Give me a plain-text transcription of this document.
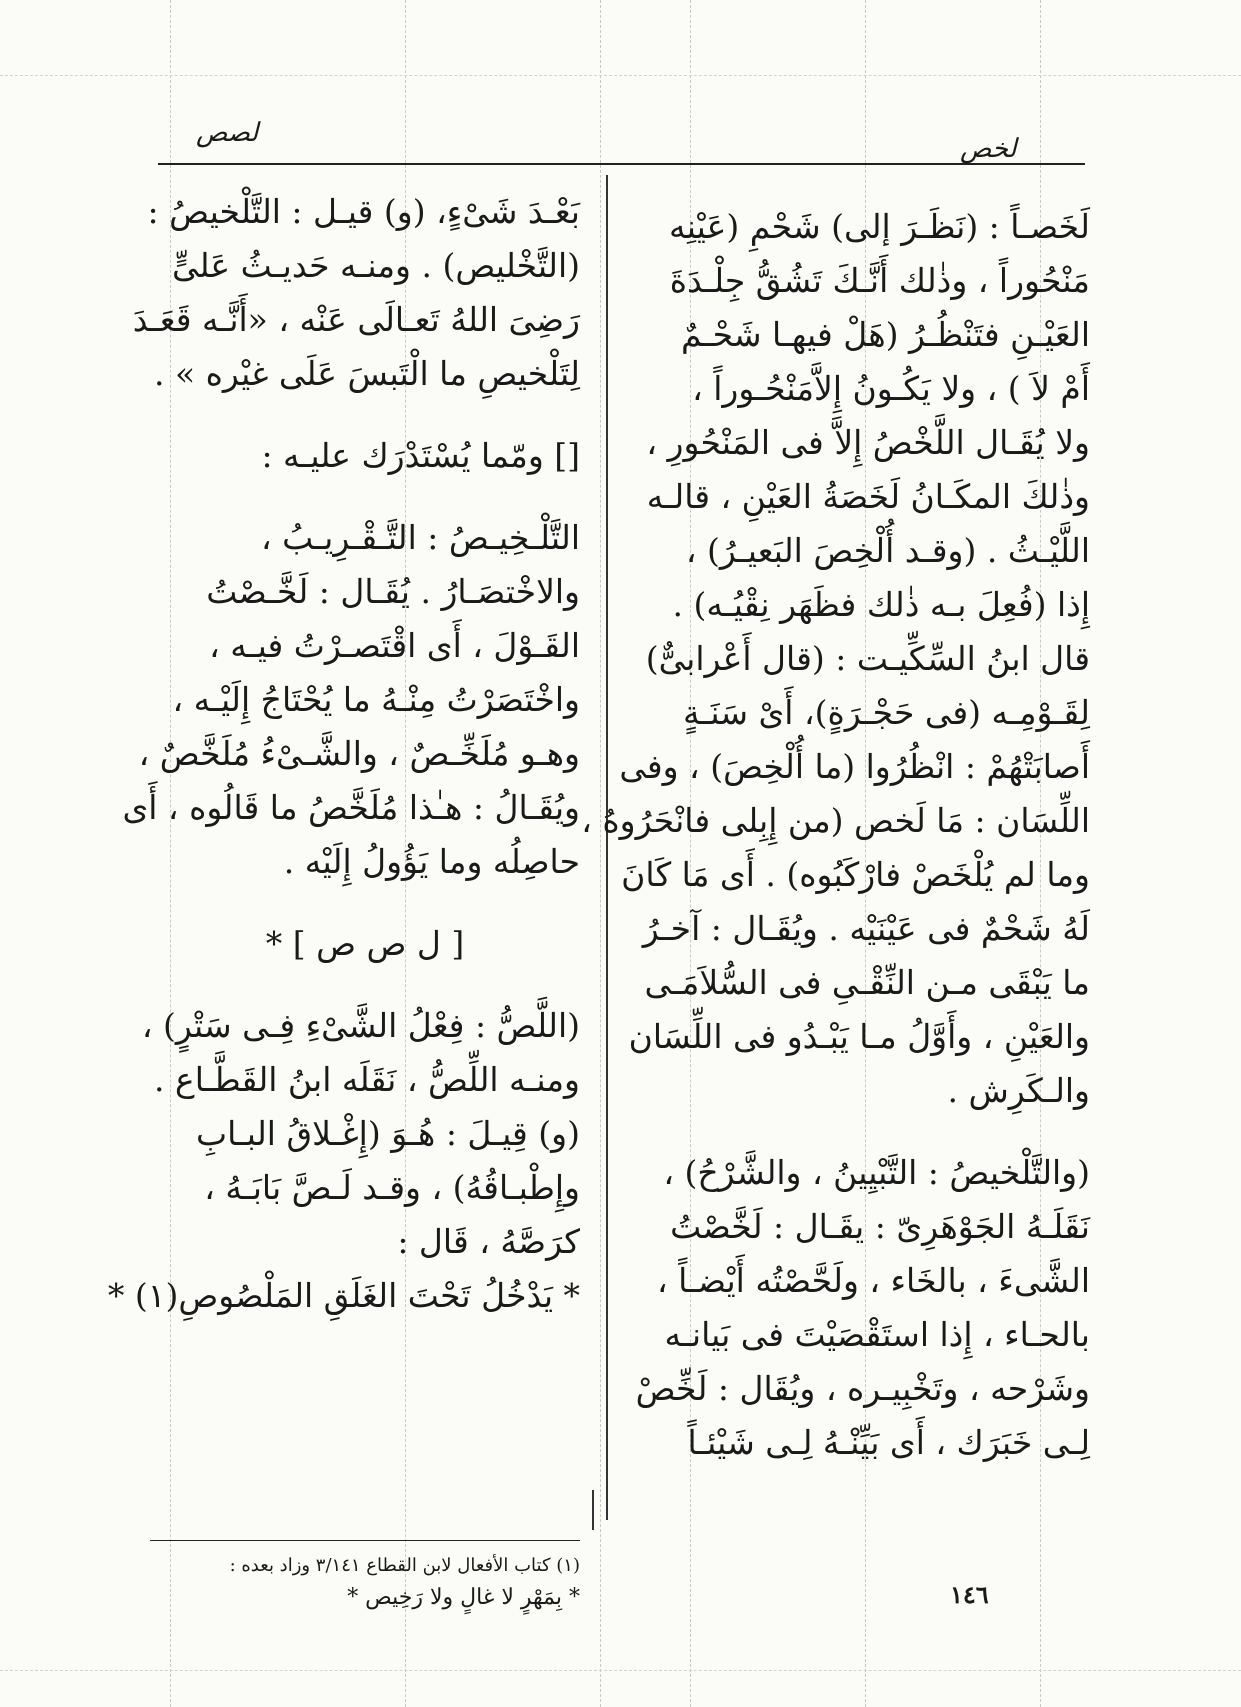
لصص
لخص
بَعْـدَ شَىْءٍ، (و) قيـل : التَّلْخيصُ :
(التَّخْليص) . ومنـه حَديـثُ عَلىٍّ
رَضِىَ اللهُ تَعـالَى عَنْه ، «أَنَّـه قَعَـدَ
لِتَلْخيصِ ما الْتَبسَ عَلَى غيْره » .
[] ومّما يُسْتَدْرَك عليـه :
التَّلْـخِيـصُ : التَّـقْـرِيـبُ ،
والاخْتصَـارُ . يُقَـال : لَخَّـصْتُ
القَـوْلَ ، أَى اقْتَصـرْتُ فيـه ،
واخْتَصَرْتُ مِنْـهُ ما يُحْتَاجُ إِلَيْـه ،
وهـو مُلَخِّـصٌ ، والشَّـىْءُ مُلَخَّصٌ ،
ويُقَـالُ : هـٰذا مُلَخَّصُ ما قَالُوه ، أَى
حاصِلُه وما يَؤُولُ إِلَيْه .
[ ل ص ص ] *
(اللَّصُّ : فِعْلُ الشَّىْءِ فِـى سَتْرٍ) ،
ومنـه اللِّصُّ ، نَقَلَه ابنُ القَطَّـاع .
(و) قِيـلَ : هُـوَ (إِغْـلاقُ البـابِ
وإِطْبـاقُهُ) ، وقـد لَـصَّ بَابَـهُ ،
كرَصَّهُ ، قَال :
* يَدْخُلُ تَحْتَ الغَلَقِ المَلْصُوصِ(١) *
لَخَصـاً : (نَظَـرَ إلى) شَحْمِ (عَيْنِه
مَنْحُوراً ، وذٰلك أَنَّـكَ تَشُقُّ جِلْـدَةَ
العَيْـنِ فتَنْظُـرُ (هَلْ فيهـا شَحْـمٌ
أَمْ لاَ ) ، ولا يَكُـونُ إِلاَّمَنْحُـوراً ،
ولا يُقَـال اللَّخْصُ إِلاَّ فى المَنْحُورِ ،
وذٰلكَ المكَـانُ لَخَصَةُ العَيْنِ ، قالـه
اللَّيْـثُ . (وقـد أُلْخِصَ البَعيـرُ) ،
إِذا (فُعِلَ بـه ذٰلك فظَهَر نِقْيُـه) .
قال ابنُ السِّكِّيـت : (قال أَعْرابىٌّ)
لِقَـوْمِـه (فى حَجْـرَةٍ)، أَىْ سَنَـةٍ
أَصابَتْهُمْ : انْظُرُوا (ما أُلْخِصَ) ، وفى
اللِّسَان : مَا لَخص (من إِبِلى فانْحَرُوهُ ،
وما لم يُلْخَصْ فارْكَبُوه) . أَى مَا كَانَ
لَهُ شَحْمٌ فى عَيْنَيْه . ويُقَـال : آخـرُ
ما يَبْقَى مـن النِّقْـىِ فى السُّلاَمَـى
والعَيْنِ ، وأَوَّلُ مـا يَبْـدُو فى اللِّسَان
والـكَرِش .
(والتَّلْخيصُ : التَّبْيِينُ ، والشَّرْحُ) ،
نَقَلَـهُ الجَوْهَرِىّ : يقَـال : لَخَّصْتُ
الشَّىءَ ، بالخَاء ، ولَحَّصْتُه أَيْضـاً ،
بالحـاء ، إِذا استَقْصَيْتَ فى بَيانـه
وشَرْحه ، وتَخْبِيـره ، ويُقَال : لَخِّصْ
لِـى خَبَرَك ، أَى بَيِّنْـهُ لِـى شَيْئـاً
(١) كتاب الأفعال لابن القطاع ٣/١٤١ وزاد بعده :
* بِمَهْرٍ لا غالٍ ولا رَخِيص *	١٤٦
